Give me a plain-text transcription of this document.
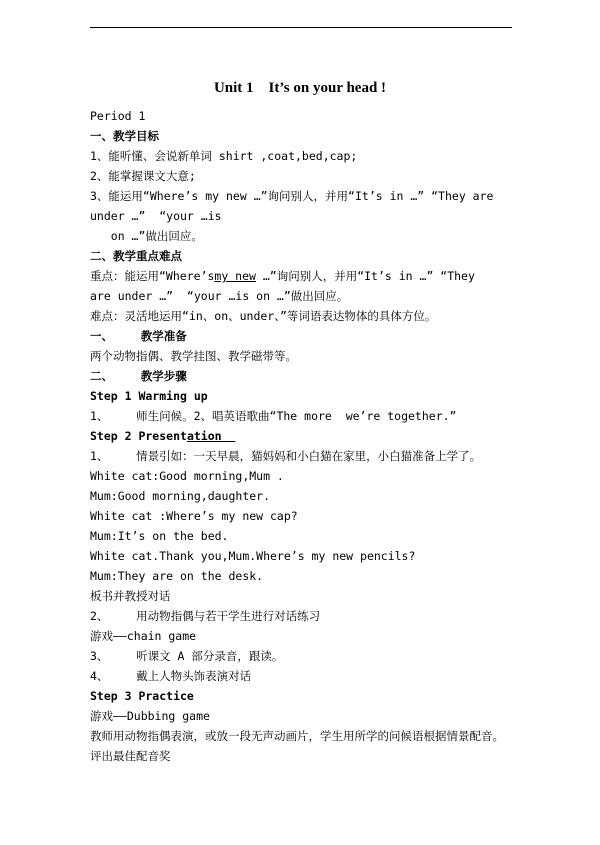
Unit 1    It’s on your head !
Period 1
一、教学目标
1、能听懂、会说新单词 shirt ,coat,bed,cap;
2、能掌握课文大意;
3、能运用“Where’s my new …”询问别人，并用“It’s in …” “They are
under …”  “your …is
on …”做出回应。
二、教学重点难点
重点：能运用“Where’smy new …”询问别人，并用“It’s in …” “They
are under …”  “your …is on …”做出回应。
难点：灵活地运用“in、on、under、”等词语表达物体的具体方位。
一、    教学准备
两个动物指偶、教学挂图、教学磁带等。
二、    教学步骤
Step 1 Warming up
1、    师生问候。2、唱英语歌曲“The more  we’re together.”
Step 2 Presentation
1、    情景引如：一天早晨，猫妈妈和小白猫在家里，小白猫准备上学了。
White cat:Good morning,Mum .
Mum:Good morning,daughter.
White cat :Where’s my new cap?
Mum:It’s on the bed.
White cat.Thank you,Mum.Where’s my new pencils?
Mum:They are on the desk.
板书并教授对话
2、    用动物指偶与若干学生进行对话练习
游戏——chain game
3、    听课文 A 部分录音，跟读。
4、    戴上人物头饰表演对话
Step 3 Practice
游戏——Dubbing game
教师用动物指偶表演，或放一段无声动画片，学生用所学的问候语根据情景配音。
评出最佳配音奖
